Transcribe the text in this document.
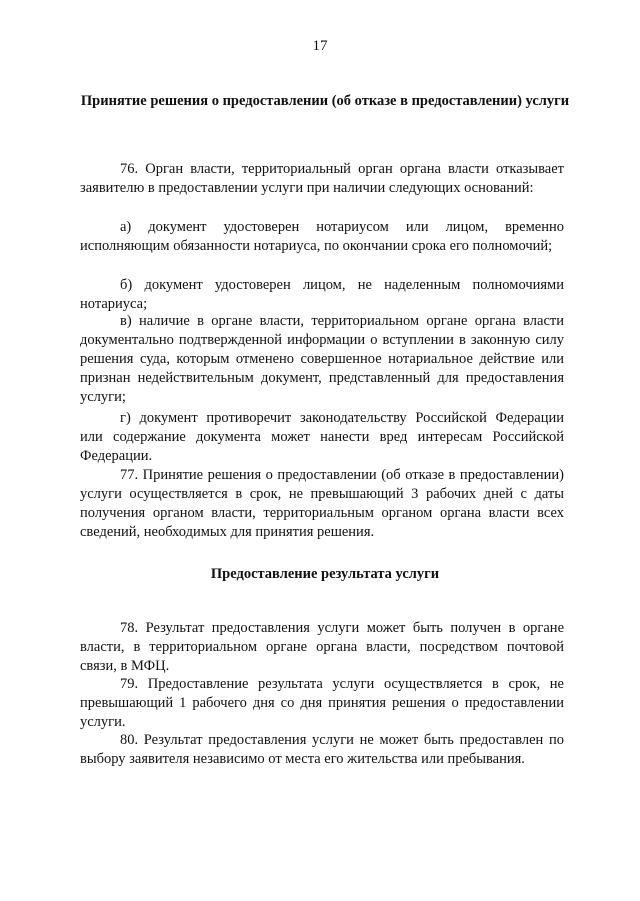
17
Принятие решения о предоставлении (об отказе в предоставлении) услуги

76. Орган власти, территориальный орган органа власти отказывает заявителю в предоставлении услуги при наличии следующих оснований:

а) документ удостоверен нотариусом или лицом, временно исполняющим обязанности нотариуса, по окончании срока его полномочий;

б) документ удостоверен лицом, не наделенным полномочиями нотариуса;

в) наличие в органе власти, территориальном органе органа власти документально подтвержденной информации о вступлении в законную силу решения суда, которым отменено совершенное нотариальное действие или признан недействительным документ, представленный для предоставления услуги;

г) документ противоречит законодательству Российской Федерации или содержание документа может нанести вред интересам Российской Федерации.

77. Принятие решения о предоставлении (об отказе в предоставлении) услуги осуществляется в срок, не превышающий 3 рабочих дней с даты получения органом власти, территориальным органом органа власти всех сведений, необходимых для принятия решения.

Предоставление результата услуги

78. Результат предоставления услуги может быть получен в органе власти, в территориальном органе органа власти, посредством почтовой связи, в МФЦ.

79. Предоставление результата услуги осуществляется в срок, не превышающий 1 рабочего дня со дня принятия решения о предоставлении услуги.

80. Результат предоставления услуги не может быть предоставлен по выбору заявителя независимо от места его жительства или пребывания.
